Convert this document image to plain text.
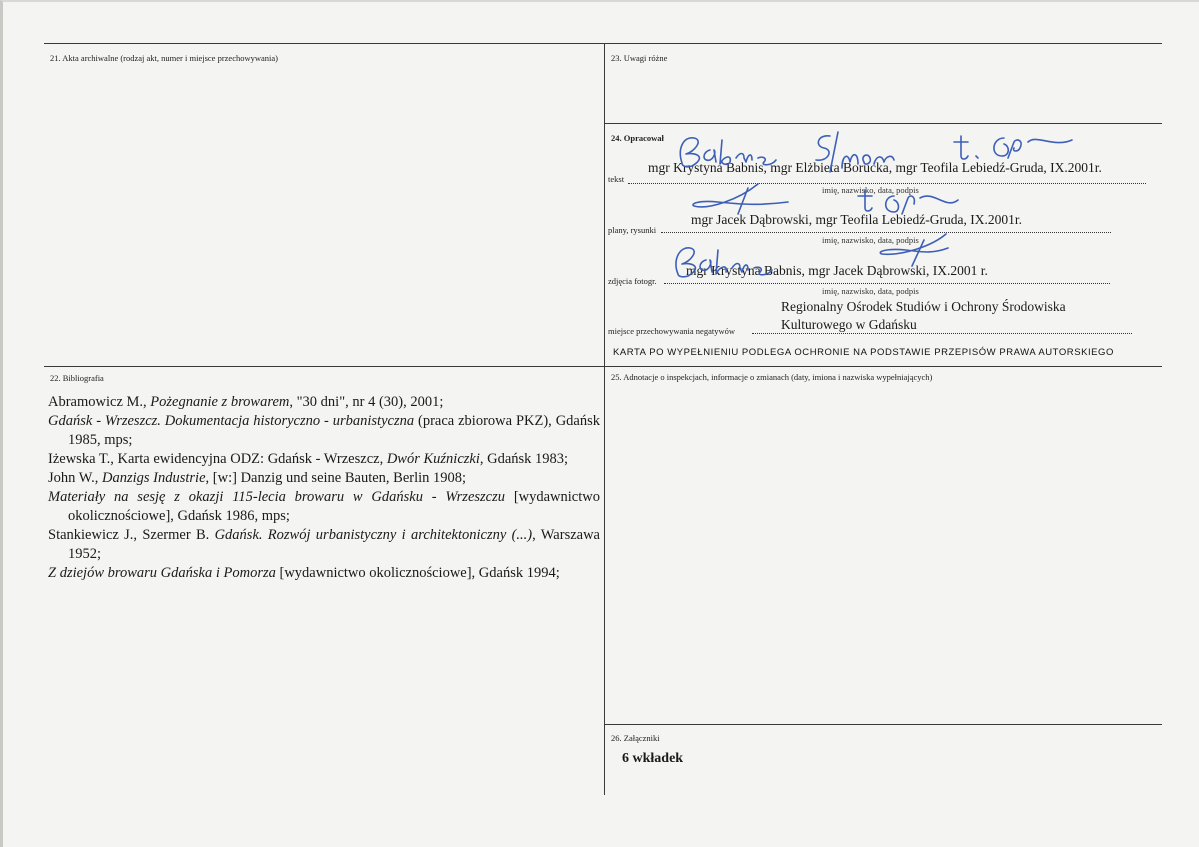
21. Akta archiwalne (rodzaj akt, numer i miejsce przechowywania)	23. Uwagi różne
24. Opracował
tekst
mgr Krystyna Babnis, mgr Elżbieta Borucka, mgr Teofila Lebiedź-Gruda, IX.2001r.
imię, nazwisko, data, podpis
plany, rysunki
mgr Jacek Dąbrowski, mgr Teofila Lebiedź-Gruda, IX.2001r.
imię, nazwisko, data, podpis
zdjęcia fotogr.
mgr Krystyna Babnis, mgr Jacek Dąbrowski, IX.2001 r.
imię, nazwisko, data, podpis
miejsce przechowywania negatywów
Regionalny Ośrodek Studiów i Ochrony Środowiska
Kulturowego w Gdańsku
KARTA PO WYPEŁNIENIU PODLEGA OCHRONIE NA PODSTAWIE PRZEPISÓW PRAWA AUTORSKIEGO
22. Bibliografia
Abramowicz M., Pożegnanie z browarem, "30 dni", nr 4 (30), 2001;
Gdańsk - Wrzeszcz. Dokumentacja historyczno - urbanistyczna (praca zbiorowa PKZ), Gdańsk 1985, mps;
Iżewska T., Karta ewidencyjna ODZ: Gdańsk - Wrzeszcz, Dwór Kuźniczki, Gdańsk 1983;
John W., Danzigs Industrie, [w:] Danzig und seine Bauten, Berlin 1908;
Materiały na sesję z okazji 115-lecia browaru w Gdańsku - Wrzeszczu [wydawnictwo okolicznościowe], Gdańsk 1986, mps;
Stankiewicz J., Szermer B. Gdańsk. Rozwój urbanistyczny i architektoniczny (...), Warszawa 1952;
Z dziejów browaru Gdańska i Pomorza [wydawnictwo okolicznościowe], Gdańsk 1994;
25. Adnotacje o inspekcjach, informacje o zmianach (daty, imiona i nazwiska wypełniających)
26. Załączniki
6 wkładek
